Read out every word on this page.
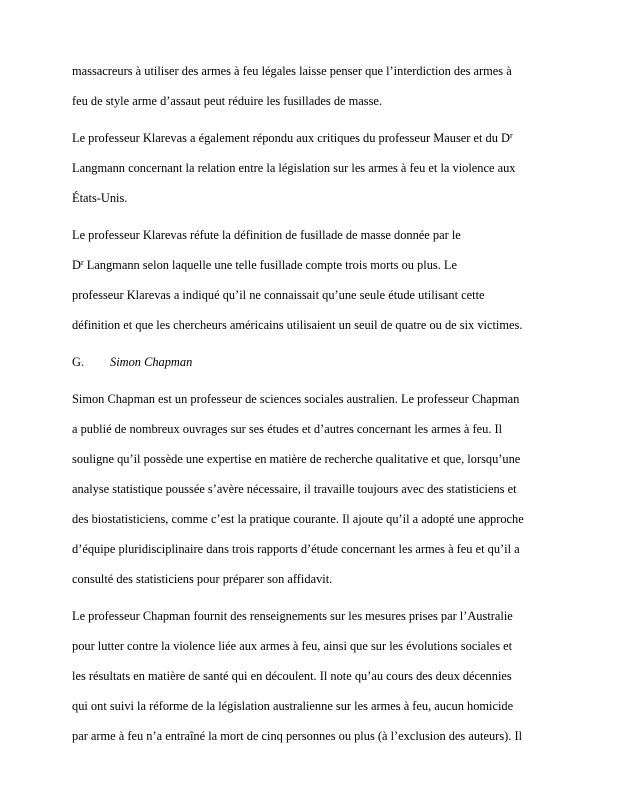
massacreurs à utiliser des armes à feu légales laisse penser que l’interdiction des armes à
feu de style arme d’assaut peut réduire les fusillades de masse.
Le professeur Klarevas a également répondu aux critiques du professeur Mauser et du $D^r$
Langmann concernant la relation entre la législation sur les armes à feu et la violence aux
États-Unis.
Le professeur Klarevas réfute la définition de fusillade de masse donnée par le
$D^r$ Langmann selon laquelle une telle fusillade compte trois morts ou plus. Le
professeur Klarevas a indiqué qu’il ne connaissait qu’une seule étude utilisant cette
définition et que les chercheurs américains utilisaient un seuil de quatre ou de six victimes.
G. Simon Chapman
Simon Chapman est un professeur de sciences sociales australien. Le professeur Chapman
a publié de nombreux ouvrages sur ses études et d’autres concernant les armes à feu. Il
souligne qu’il possède une expertise en matière de recherche qualitative et que, lorsqu’une
analyse statistique poussée s’avère nécessaire, il travaille toujours avec des statisticiens et
des biostatisticiens, comme c’est la pratique courante. Il ajoute qu’il a adopté une approche
d’équipe pluridisciplinaire dans trois rapports d’étude concernant les armes à feu et qu’il a
consulté des statisticiens pour préparer son affidavit.
Le professeur Chapman fournit des renseignements sur les mesures prises par l’Australie
pour lutter contre la violence liée aux armes à feu, ainsi que sur les évolutions sociales et
les résultats en matière de santé qui en découlent. Il note qu’au cours des deux décennies
qui ont suivi la réforme de la législation australienne sur les armes à feu, aucun homicide
par arme à feu n’a entraîné la mort de cinq personnes ou plus (à l’exclusion des auteurs). Il
